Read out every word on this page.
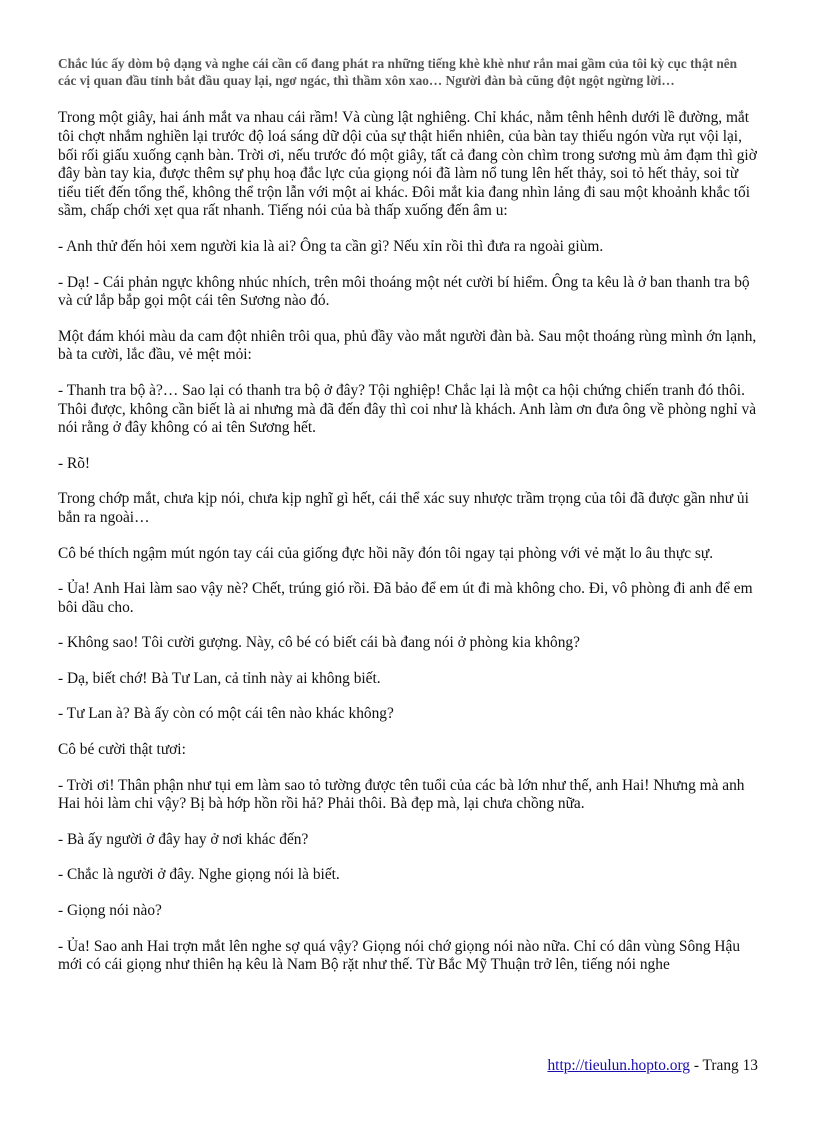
Chắc lúc ấy dòm bộ dạng và nghe cái cần cổ đang phát ra những tiếng khè khè như rắn mai gầm của tôi kỳ cục thật nên các vị quan đầu tỉnh bắt đầu quay lại, ngơ ngác, thì thầm xôn xao… Người đàn bà cũng đột ngột ngừng lời…

Trong một giây, hai ánh mắt va nhau cái rầm! Và cùng lật nghiêng. Chỉ khác, nằm tênh hênh dưới lề đường, mắt tôi chợt nhắm nghiền lại trước độ loá sáng dữ dội của sự thật hiển nhiên, của bàn tay thiếu ngón vừa rụt vội lại, bối rối giấu xuống cạnh bàn. Trời ơi, nếu trước đó một giây, tất cả đang còn chìm trong sương mù ảm đạm thì giờ đây bàn tay kia, được thêm sự phụ hoạ đắc lực của giọng nói đã làm nổ tung lên hết thảy, soi tỏ hết thảy, soi từ tiểu tiết đến tổng thể, không thể trộn lẫn với một ai khác. Đôi mắt kia đang nhìn lảng đi sau một khoảnh khắc tối sầm, chấp chới xẹt qua rất nhanh. Tiếng nói của bà thấp xuống đến âm u:

- Anh thử đến hỏi xem người kia là ai? Ông ta cần gì? Nếu xỉn rồi thì đưa ra ngoài giùm.

- Dạ! - Cái phản ngực không nhúc nhích, trên môi thoáng một nét cười bí hiểm. Ông ta kêu là ở ban thanh tra bộ và cứ lắp bắp gọi một cái tên Sương nào đó.

Một đám khói màu da cam đột nhiên trôi qua, phủ đầy vào mắt người đàn bà. Sau một thoáng rùng mình ớn lạnh, bà ta cười, lắc đầu, vẻ mệt mỏi:

- Thanh tra bộ à?… Sao lại có thanh tra bộ ở đây? Tội nghiệp! Chắc lại là một ca hội chứng chiến tranh đó thôi. Thôi được, không cần biết là ai nhưng mà đã đến đây thì coi như là khách. Anh làm ơn đưa ông về phòng nghỉ và nói rằng ở đây không có ai tên Sương hết.

- Rõ!

Trong chớp mắt, chưa kịp nói, chưa kịp nghĩ gì hết, cái thể xác suy nhược trầm trọng của tôi đã được gần như ủi bắn ra ngoài…

Cô bé thích ngậm mút ngón tay cái của giống đực hồi nãy đón tôi ngay tại phòng với vẻ mặt lo âu thực sự.

- Ủa! Anh Hai làm sao vậy nè? Chết, trúng gió rồi. Đã bảo để em út đi mà không cho. Đi, vô phòng đi anh để em bôi dầu cho.

- Không sao! Tôi cười gượng. Này, cô bé có biết cái bà đang nói ở phòng kia không?

- Dạ, biết chớ! Bà Tư Lan, cả tỉnh này ai không biết.

- Tư Lan à? Bà ấy còn có một cái tên nào khác không?

Cô bé cười thật tươi:

- Trời ơi! Thân phận như tụi em làm sao tỏ tường được tên tuổi của các bà lớn như thế, anh Hai! Nhưng mà anh Hai hỏi làm chi vậy? Bị bà hớp hồn rồi hả? Phải thôi. Bà đẹp mà, lại chưa chồng nữa.

- Bà ấy người ở đây hay ở nơi khác đến?

- Chắc là người ở đây. Nghe giọng nói là biết.

- Giọng nói nào?

- Ủa! Sao anh Hai trợn mắt lên nghe sợ quá vậy? Giọng nói chớ giọng nói nào nữa. Chỉ có dân vùng Sông Hậu mới có cái giọng như thiên hạ kêu là Nam Bộ rặt như thế. Từ Bắc Mỹ Thuận trở lên, tiếng nói nghe

http://tieulun.hopto.org - Trang 13
